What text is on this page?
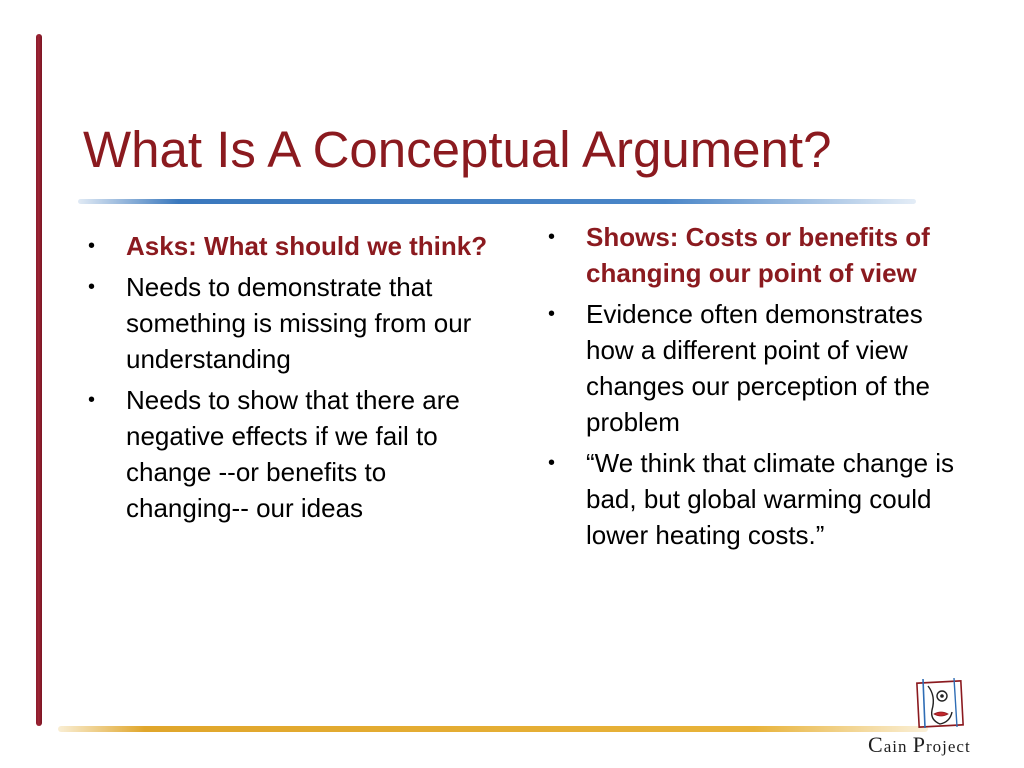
What Is A Conceptual Argument?
•	Asks: What should we think?
•	Needs to demonstrate that something is missing from our understanding
•	Needs to show that there are negative effects if we fail to change --or benefits to changing-- our ideas
•	Shows: Costs or benefits of changing our point of view
•	Evidence often demonstrates how a different point of view changes our perception of the problem
•	“We think that climate change is bad, but global warming could lower heating costs.”
Cain Project
